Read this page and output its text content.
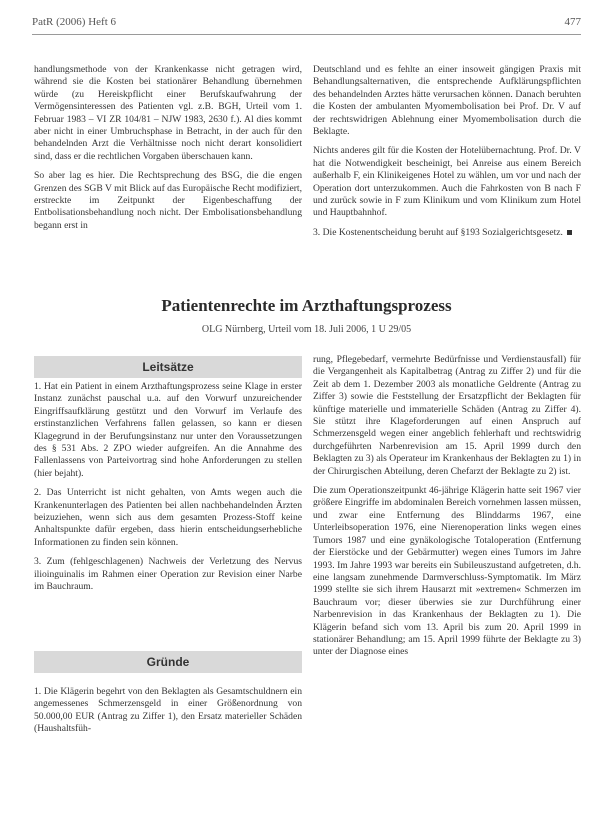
PatR (2006) Heft 6	477

handlungsmethode von der Krankenkasse nicht getragen wird, während sie die Kosten bei stationärer Behandlung übernehmen würde (zu Hereiskpflicht einer Berufskaufwahrung der Vermögensinteressen des Patienten vgl. z.B. BGH, Urteil vom 1. Februar 1983 – VI ZR 104/81 – NJW 1983, 2630 f.). Al dies kommt aber nicht in einer Umbruchsphase in Betracht, in der auch für den behandelnden Arzt die Verhältnisse noch nicht derart konsolidiert sind, dass er die rechtlichen Vorgaben überschauen kann.

So aber lag es hier. Die Rechtsprechung des BSG, die die engen Grenzen des SGB V mit Blick auf das Europäische Recht modifiziert, erstreckte im Zeitpunkt der Eigenbeschaffung der Entbolisationsbehandlung noch nicht. Der Embolisationsbehandlung begann erst in

Deutschland und es fehlte an einer insoweit gängigen Praxis mit Behandlungsalternativen, die entsprechende Aufklärungspflichten des behandelnden Arztes hätte verursachen können. Danach beruhten die Kosten der ambulanten Myomembolisation bei Prof. Dr. V auf der rechtswidrigen Ablehnung einer Myomembolisation durch die Beklagte.

Nichts anderes gilt für die Kosten der Hotelübernachtung. Prof. Dr. V hat die Notwendigkeit bescheinigt, bei Anreise aus einem Bereich außerhalb F, ein Klinikeigenes Hotel zu wählen, um vor und nach der Operation dort unterzukommen. Auch die Fahrkosten von B nach F und zurück sowie in F zum Klinikum und vom Klinikum zum Hotel und Hauptbahnhof.

3. Die Kostenentscheidung beruht auf §193 Sozialgerichtsgesetz.

Patientenrechte im Arzthaftungsprozess
OLG Nürnberg, Urteil vom 18. Juli 2006, 1 U 29/05
Leitsätze

1. Hat ein Patient in einem Arzthaftungsprozess seine Klage in erster Instanz zunächst pauschal u.a. auf den Vorwurf unzureichender Eingriffsaufklärung gestützt und den Vorwurf im Verlaufe des erstinstanzlichen Verfahrens fallen gelassen, so kann er diesen Klagegrund in der Berufungsinstanz nur unter den Voraussetzungen des § 531 Abs. 2 ZPO wieder aufgreifen. An die Annahme des Fallenlassens von Parteivortrag sind hohe Anforderungen zu stellen (hier bejaht).

2. Das Unterricht ist nicht gehalten, von Amts wegen auch die Krankenunterlagen des Patienten bei allen nachbehandelnden Ärzten beizuziehen, wenn sich aus dem gesamten Prozess-Stoff keine Anhaltspunkte dafür ergeben, dass hierin entscheidungserhebliche Informationen zu finden sein können.

3. Zum (fehlgeschlagenen) Nachweis der Verletzung des Nervus ilioinguinalis im Rahmen einer Operation zur Revision einer Narbe im Bauchraum.

Gründe

1. Die Klägerin begehrt von den Beklagten als Gesamtschuldnern ein angemessenes Schmerzensgeld in einer Größenordnung von 50.000,00 EUR (Antrag zu Ziffer 1), den Ersatz materieller Schäden (Haushaltsfüh-

rung, Pflegebedarf, vermehrte Bedürfnisse und Verdienstausfall) für die Vergangenheit als Kapitalbetrag (Antrag zu Ziffer 2) und für die Zeit ab dem 1. Dezember 2003 als monatliche Geldrente (Antrag zu Ziffer 3) sowie die Feststellung der Ersatzpflicht der Beklagten für künftige materielle und immaterielle Schäden (Antrag zu Ziffer 4). Sie stützt ihre Klageforderungen auf einen Anspruch auf Schmerzensgeld wegen einer angeblich fehlerhaft und rechtswidrig durchgeführten Narbenrevision am 15. April 1999 durch den Beklagten zu 3) als Operateur im Krankenhaus der Beklagten zu 1) in der Chirurgischen Abteilung, deren Chefarzt der Beklagte zu 2) ist.

Die zum Operationszeitpunkt 46-jährige Klägerin hatte seit 1967 vier größere Eingriffe im abdominalen Bereich vornehmen lassen müssen, und zwar eine Entfernung des Blinddarms 1967, eine Unterleibsoperation 1976, eine Nierenoperation links wegen eines Tumors 1987 und eine gynäkologische Totaloperation (Entfernung der Eierstöcke und der Gebärmutter) wegen eines Tumors im Jahre 1993. Im Jahre 1993 war bereits ein Subileuszustand aufgetreten, d.h. eine langsam zunehmende Darmverschluss-Symptomatik. Im März 1999 stellte sie sich ihrem Hausarzt mit »extremen« Schmerzen im Bauchraum vor; dieser überwies sie zur Durchführung einer Narbenrevision in das Krankenhaus der Beklagten zu 1). Die Klägerin befand sich vom 13. April bis zum 20. April 1999 in stationärer Behandlung; am 15. April 1999 führte der Beklagte zu 3) unter der Diagnose eines
